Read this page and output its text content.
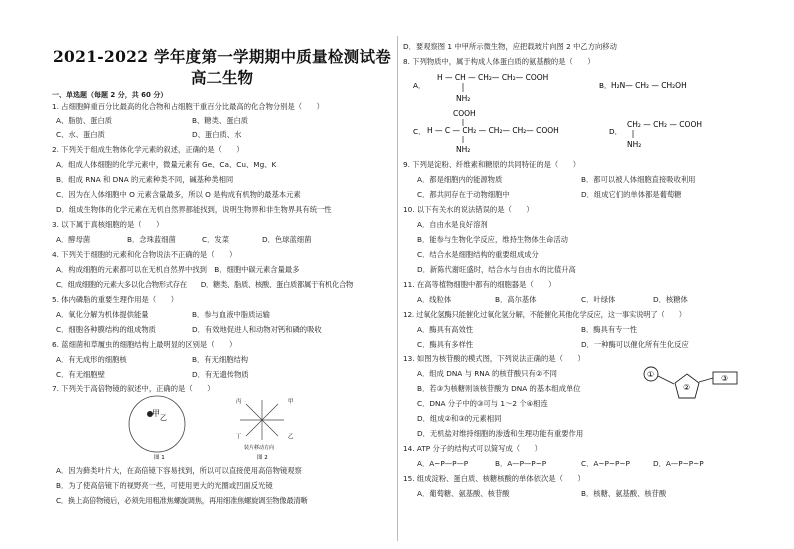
2021-2022 学年度第一学期期中质量检测试卷
高二生物
一、单选题（每题 2 分，共 60 分）
1. 占细胞鲜重百分比最高的化合物和占细胞干重百分比最高的化合物分别是（　　）
A、脂肪、蛋白质	B、糖类、蛋白质
C、水、蛋白质	D、蛋白质、水
2. 下列关于组成生物体化学元素的叙述，正确的是（　　）
A．组成人体细胞的化学元素中，微量元素有 Ge、Ca、Cu、Mg、K
B．组成 RNA 和 DNA 的元素种类不同，碱基种类相同
C．因为在人体细胞中 O 元素含量最多，所以 O 是构成有机物的最基本元素
D．组成生物体的化学元素在无机自然界都能找到，说明生物界和非生物界具有统一性
3. 以下属于真核细胞的是（　　）
A．酵母菌	B．念珠蓝细菌	C．发菜	D．色球蓝细菌
4. 下列关于细胞的元素和化合物说法不正确的是（　　）
A．构成细胞的元素都可以在无机自然界中找到　B．细胞中碳元素含量最多
C．组成细胞的元素大多以化合物形式存在　　D．糖类、脂质、核酸、蛋白质都属于有机化合物
5. 体内磷脂的重要生理作用是（　　）
A．氧化分解为机体提供能量	B．参与血液中脂质运输
C．细胞各种膜结构的组成物质	D．有效地促进人和动物对钙和磷的吸收
6. 蓝细菌和草履虫的细胞结构上最明显的区别是（　　）
A．有无成形的细胞核	B．有无细胞结构
C．有无细胞壁	D．有无遗传物质
7. 下列关于高倍物镜的叙述中，正确的是（　　）
甲 乙
图 1
甲
乙
丙
丁
装片移动方向
图 2
A．因为藓类叶片大，在高倍镜下容易找到，所以可以直接使用高倍物镜观察
B．为了使高倍镜下的视野亮一些，可使用更大的光圈或凹面反光镜
C．换上高倍物镜后，必须先用粗准焦螺旋调焦，再用细准焦螺旋调至物像最清晰
D．要观察图 1 中甲所示微生物，应把载玻片向图 2 中乙方向移动
8. 下列物质中，属于构成人体蛋白质的氨基酸的是（　　）
A．
H — CH — CH₂— CH₂— COOH
NH₂
B． H₂N— CH₂ — CH₂OH
C．
COOH
H — C — CH₂ — CH₂— CH₂— COOH
NH₂
D．
CH₂ — CH₂ — COOH
NH₂
9. 下列是淀粉、纤维素和糖原的共同特征的是（　　）
A．都是细胞内的能源物质	B．都可以被人体细胞直接吸收利用
C．都共同存在于动物细胞中	D．组成它们的单体都是葡萄糖
10. 以下有关水的说法错误的是（　　）
A．自由水是良好溶剂
B．能参与生物化学反应，维持生物体生命活动
C．结合水是细胞结构的重要组成成分
D．新陈代谢旺盛时，结合水与自由水的比值升高
11. 在高等植物细胞中都有的细胞器是（　　）
A．线粒体	B．高尔基体	C．叶绿体	D．核糖体
12. 过氧化氢酶只能催化过氧化氢分解，不能催化其他化学反应，这一事实说明了（　　）
A．酶具有高效性	B．酶具有专一性
C．酶具有多样性	D．一种酶可以催化所有生化反应
13. 如图为核苷酸的模式图，下列说法正确的是（　　）
A．组成 DNA 与 RNA 的核苷酸只有②不同
B．若③为核糖则该核苷酸为 DNA 的基本组成单位
C．DNA 分子中的③可与 1～2 个④相连
D．组成②和③的元素相同
D．无机盐对维持细胞的渗透和生理功能有重要作用
①
②
③
14. ATP 分子的结构式可以简写成（　　）
A．A~P—P—P	B．A—P—P~P	C．A~P~P~P	D．A—P~P~P
15. 组成淀粉、蛋白质、核糖核酸的单体依次是（　　）
A．葡萄糖、氨基酸、核苷酸	B．核糖、氨基酸、核苷酸
